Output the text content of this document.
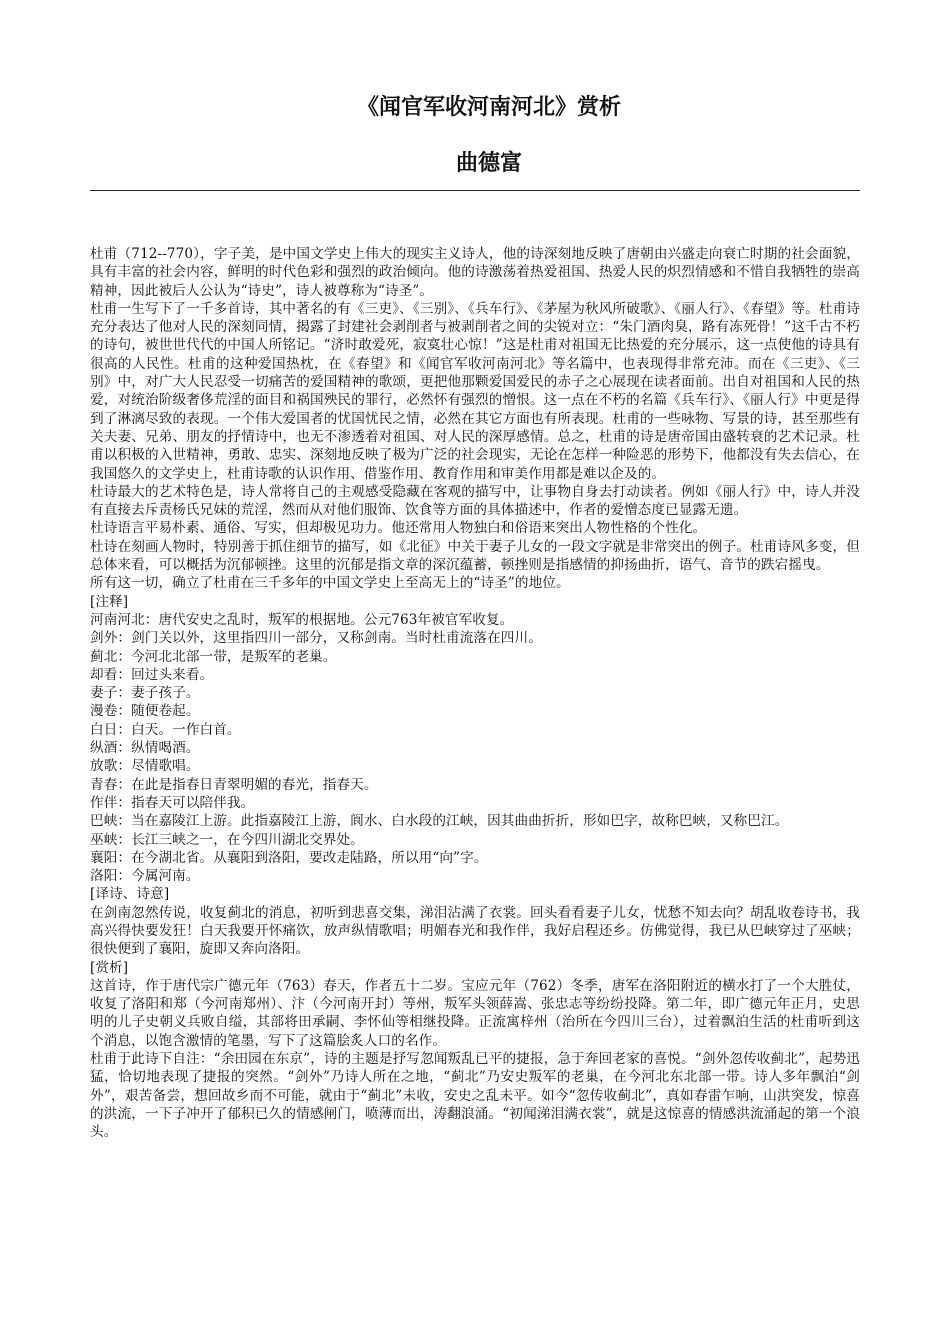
《闻官军收河南河北》赏析
曲德富

杜甫（712--770），字子美，是中国文学史上伟大的现实主义诗人，他的诗深刻地反映了唐朝由兴盛走向衰亡时期的社会面貌，具有丰富的社会内容，鲜明的时代色彩和强烈的政治倾向。他的诗激荡着热爱祖国、热爱人民的炽烈情感和不惜自我牺牲的崇高精神，因此被后人公认为“诗史”，诗人被尊称为“诗圣”。

杜甫一生写下了一千多首诗，其中著名的有《三吏》、《三别》、《兵车行》、《茅屋为秋风所破歌》、《丽人行》、《春望》等。杜甫诗充分表达了他对人民的深刻同情，揭露了封建社会剥削者与被剥削者之间的尖锐对立：“朱门酒肉臭，路有冻死骨！”这千古不朽的诗句，被世世代代的中国人所铭记。“济时敢爱死，寂寞壮心惊！”这是杜甫对祖国无比热爱的充分展示，这一点使他的诗具有很高的人民性。杜甫的这种爱国热枕，在《春望》和《闻官军收河南河北》等名篇中，也表现得非常充沛。而在《三吏》、《三别》中，对广大人民忍受一切痛苦的爱国精神的歌颂，更把他那颗爱国爱民的赤子之心展现在读者面前。出自对祖国和人民的热爱，对统治阶级奢侈荒淫的面目和祸国殃民的罪行，必然怀有强烈的憎恨。这一点在不朽的名篇《兵车行》、《丽人行》中更是得到了淋漓尽致的表现。一个伟大爱国者的忧国忧民之情，必然在其它方面也有所表现。杜甫的一些咏物、写景的诗，甚至那些有关夫妻、兄弟、朋友的抒情诗中，也无不渗透着对祖国、对人民的深厚感情。总之，杜甫的诗是唐帝国由盛转衰的艺术记录。杜甫以积极的入世精神，勇敢、忠实、深刻地反映了极为广泛的社会现实，无论在怎样一种险恶的形势下，他都没有失去信心，在我国悠久的文学史上，杜甫诗歌的认识作用、借鉴作用、教育作用和审美作用都是难以企及的。

杜诗最大的艺术特色是，诗人常将自己的主观感受隐藏在客观的描写中，让事物自身去打动读者。例如《丽人行》中，诗人并没有直接去斥责杨氏兄妹的荒淫，然而从对他们服饰、饮食等方面的具体描述中，作者的爱憎态度已显露无遗。

杜诗语言平易朴素、通俗、写实，但却极见功力。他还常用人物独白和俗语来突出人物性格的个性化。

杜诗在刻画人物时，特别善于抓住细节的描写，如《北征》中关于妻子儿女的一段文字就是非常突出的例子。杜甫诗风多变，但总体来看，可以概括为沉郁顿挫。这里的沉郁是指文章的深沉蕴蓄，顿挫则是指感情的抑扬曲折，语气、音节的跌宕摇曳。

所有这一切，确立了杜甫在三千多年的中国文学史上至高无上的“诗圣”的地位。

[注释]

河南河北：唐代安史之乱时，叛军的根据地。公元763年被官军收复。

剑外：剑门关以外，这里指四川一部分，又称剑南。当时杜甫流落在四川。

蓟北：今河北北部一带，是叛军的老巢。

却看：回过头来看。

妻子：妻子孩子。

漫卷：随便卷起。

白日：白天。一作白首。

纵酒：纵情喝酒。

放歌：尽情歌唱。

青春：在此是指春日青翠明媚的春光，指春天。

作伴：指春天可以陪伴我。

巴峡：当在嘉陵江上游。此指嘉陵江上游，阆水、白水段的江峡，因其曲曲折折，形如巴字，故称巴峡，又称巴江。

巫峡：长江三峡之一，在今四川湖北交界处。

襄阳：在今湖北省。从襄阳到洛阳，要改走陆路，所以用“向”字。

洛阳：今属河南。

[译诗、诗意]

在剑南忽然传说，收复蓟北的消息，初听到悲喜交集，涕泪沾满了衣裳。回头看看妻子儿女，忧愁不知去向？胡乱收卷诗书，我高兴得快要发狂！白天我要开怀痛饮，放声纵情歌唱；明媚春光和我作伴，我好启程还乡。仿佛觉得，我已从巴峡穿过了巫峡；很快便到了襄阳，旋即又奔向洛阳。

[赏析]

这首诗，作于唐代宗广德元年（763）春天，作者五十二岁。宝应元年（762）冬季，唐军在洛阳附近的横水打了一个大胜仗，收复了洛阳和郑（今河南郑州）、汴（今河南开封）等州，叛军头领薛嵩、张忠志等纷纷投降。第二年，即广德元年正月，史思明的儿子史朝义兵败自缢，其部将田承嗣、李怀仙等相继投降。正流寓梓州（治所在今四川三台），过着飘泊生活的杜甫听到这个消息，以饱含激情的笔墨，写下了这篇脍炙人口的名作。

杜甫于此诗下自注：“余田园在东京”，诗的主题是抒写忽闻叛乱已平的捷报，急于奔回老家的喜悦。“剑外忽传收蓟北”，起势迅猛，恰切地表现了捷报的突然。“剑外”乃诗人所在之地，“蓟北”乃安史叛军的老巢，在今河北东北部一带。诗人多年飘泊“剑外”，艰苦备尝，想回故乡而不可能，就由于“蓟北”未收，安史之乱未平。如今“忽传收蓟北”，真如春雷乍响，山洪突发，惊喜的洪流，一下子冲开了郁积已久的情感闸门，喷薄而出，涛翻浪涌。“初闻涕泪满衣裳”，就是这惊喜的情感洪流涌起的第一个浪头。
